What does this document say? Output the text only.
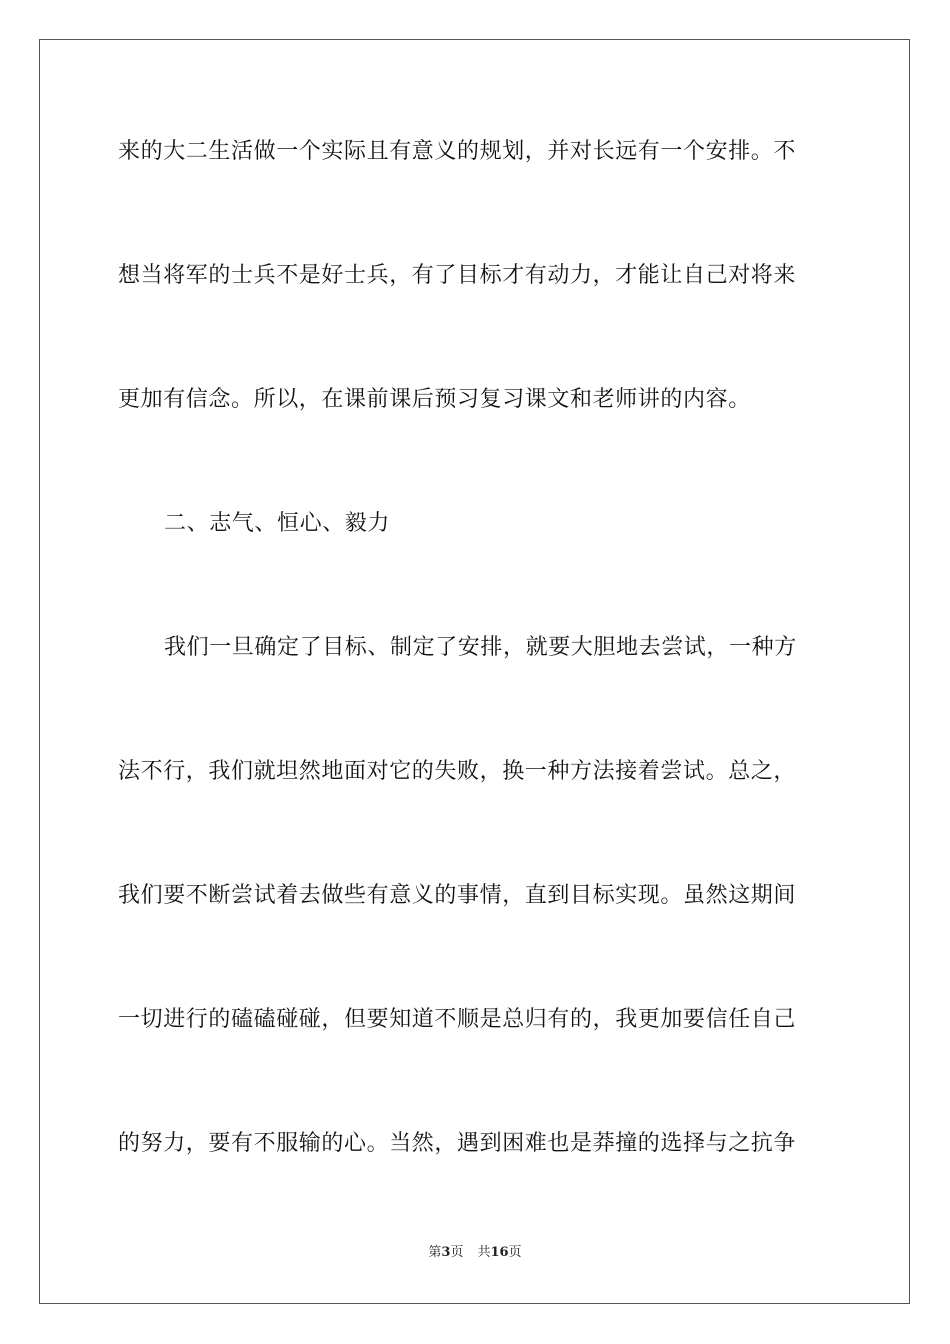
来的大二生活做一个实际且有意义的规划，并对长远有一个安排。不
想当将军的士兵不是好士兵，有了目标才有动力，才能让自己对将来
更加有信念。所以，在课前课后预习复习课文和老师讲的内容。
二、志气、恒心、毅力
我们一旦确定了目标、制定了安排，就要大胆地去尝试，一种方
法不行，我们就坦然地面对它的失败，换一种方法接着尝试。总之，
我们要不断尝试着去做些有意义的事情，直到目标实现。虽然这期间
一切进行的磕磕碰碰，但要知道不顺是总归有的，我更加要信任自己
的努力，要有不服输的心。当然，遇到困难也是莽撞的选择与之抗争
第3页 共16页
